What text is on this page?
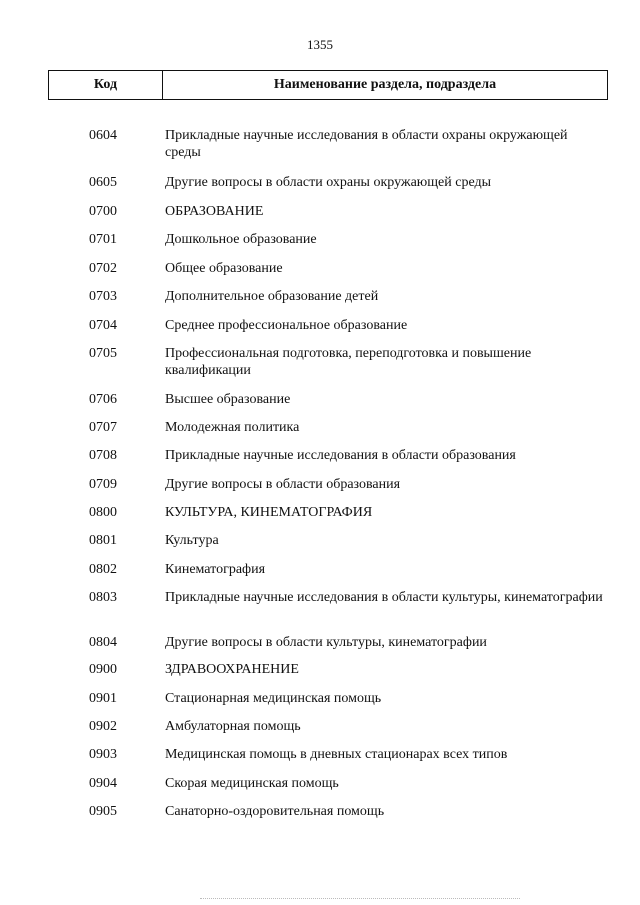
1355
Код	Наименование раздела, подраздела
0604	Прикладные научные исследования в области охраны окружающей среды
0605	Другие вопросы в области охраны окружающей среды
0700	ОБРАЗОВАНИЕ
0701	Дошкольное образование
0702	Общее образование
0703	Дополнительное образование детей
0704	Среднее профессиональное образование
0705	Профессиональная подготовка, переподготовка и повышение квалификации
0706	Высшее образование
0707	Молодежная политика
0708	Прикладные научные исследования в области образования
0709	Другие вопросы в области образования
0800	КУЛЬТУРА, КИНЕМАТОГРАФИЯ
0801	Культура
0802	Кинематография
0803	Прикладные научные исследования в области культуры, кинематографии
0804	Другие вопросы в области культуры, кинематографии
0900	ЗДРАВООХРАНЕНИЕ
0901	Стационарная медицинская помощь
0902	Амбулаторная помощь
0903	Медицинская помощь в дневных стационарах всех типов
0904	Скорая медицинская помощь
0905	Санаторно-оздоровительная помощь
